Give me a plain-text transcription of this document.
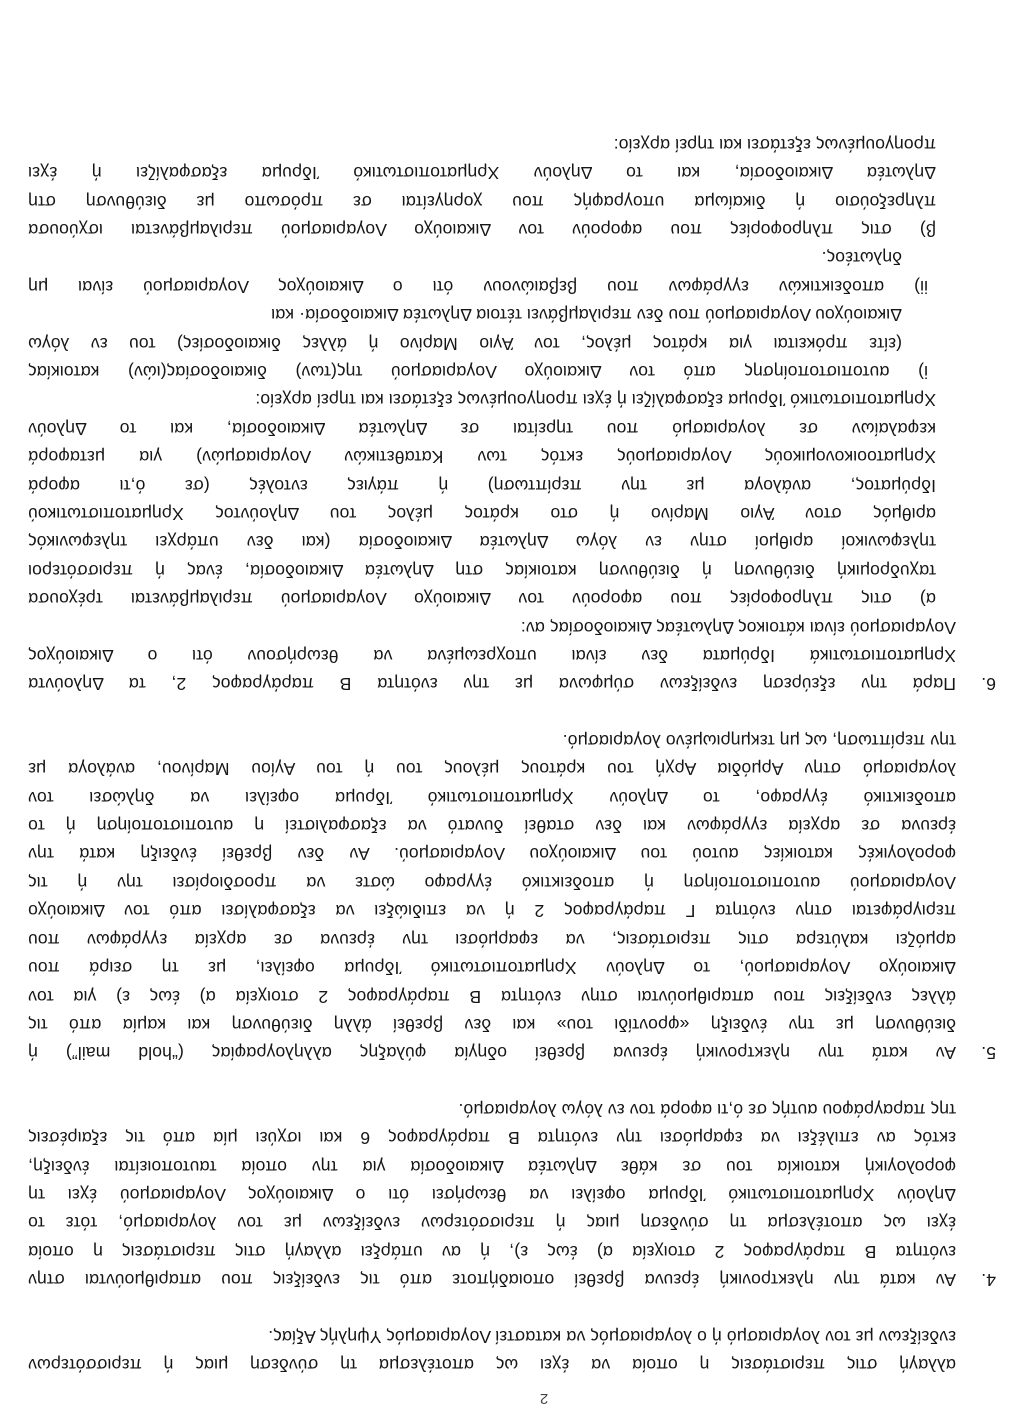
2
αλλαγή στις περιστάσεις η οποία να έχει ως αποτέλεσμα τη σύνδεση μιας ή περισσότερων
ενδείξεων με τον λογαριασμό ή ο λογαριασμός να καταστεί Λογαριασμός Υψηλής Αξίας.
4.Αν κατά την ηλεκτρονική έρευνα βρεθεί οποιαδήποτε από τις ενδείξεις που απαριθμούνται στην
ενότητα Β παράγραφος 2 στοιχεία α) έως ε), ή αν υπάρξει αλλαγή στις περιστάσεις η οποία
έχει ως αποτέλεσμα τη σύνδεση μιας ή περισσότερων ενδείξεων με τον λογαριασμό, τότε το
Δηλούν Χρηματοπιστωτικό Ίδρυμα οφείλει να θεωρήσει ότι ο Δικαιούχος Λογαριασμού έχει τη
φορολογική κατοικία του σε κάθε Δηλωτέα Δικαιοδοσία για την οποία ταυτοποιείται ένδειξη,
εκτός αν επιλέξει να εφαρμόσει την ενότητα Β παράγραφος 6 και ισχύει μία από τις εξαιρέσεις
της παραγράφου αυτής σε ό,τι αφορά τον εν λόγω λογαριασμό.
5.Αν κατά την ηλεκτρονική έρευνα βρεθεί οδηγία φύλαξης αλληλογραφίας (“hold mail”) ή
διεύθυνση με την ένδειξη «φροντίδι του» και δεν βρεθεί άλλη διεύθυνση και καμία από τις
άλλες ενδείξεις που απαριθμούνται στην ενότητα Β παράγραφος 2 στοιχεία α) έως ε) για τον
Δικαιούχο Λογαριασμού, το Δηλούν Χρηματοπιστωτικό Ίδρυμα οφείλει, με τη σειρά που
αρμόζει καλύτερα στις περιστάσεις, να εφαρμόσει την έρευνα σε αρχεία εγγράφων που
περιγράφεται στην ενότητα Γ παράγραφος 2 ή να επιδιώξει να εξασφαλίσει από τον Δικαιούχο
Λογαριασμού αυτοπιστοποίηση ή αποδεικτικό έγγραφο ώστε να προσδιορίσει την ή τις
φορολογικές κατοικίες αυτού του Δικαιούχου Λογαριασμού. Αν δεν βρεθεί ένδειξη κατά την
έρευνα σε αρχεία εγγράφων και δεν σταθεί δυνατό να εξασφαλιστεί η αυτοπιστοποίηση ή το
αποδεικτικό έγγραφο, το Δηλούν Χρηματοπιστωτικό Ίδρυμα οφείλει να δηλώσει τον
λογαριασμό στην Αρμόδια Αρχή του κράτους μέλους του ή του Αγίου Μαρίνου, ανάλογα με
την περίπτωση, ως μη τεκμηριωμένο λογαριασμό.
6.Παρά την εξεύρεση ενδείξεων σύμφωνα με την ενότητα Β παράγραφος 2, τα Δηλούντα
Χρηματοπιστωτικά Ιδρύματα δεν είναι υποχρεωμένα να θεωρήσουν ότι ο Δικαιούχος
Λογαριασμού είναι κάτοικος Δηλωτέας Δικαιοδοσίας αν:
α) στις πληροφορίες που αφορούν τον Δικαιούχο Λογαριασμού περιλαμβάνεται τρέχουσα
ταχυδρομική διεύθυνση ή διεύθυνση κατοικίας στη Δηλωτέα Δικαιοδοσία, ένας ή περισσότεροι
τηλεφωνικοί αριθμοί στην εν λόγω Δηλωτέα Δικαιοδοσία (και δεν υπάρχει τηλεφωνικός
αριθμός στον Άγιο Μαρίνο ή στο κράτος μέλος του Δηλούντος Χρηματοπιστωτικού
Ιδρύματος, ανάλογα με την περίπτωση) ή πάγιες εντολές (σε ό,τι αφορά
Χρηματοοικονομικούς Λογαριασμούς εκτός των Καταθετικών Λογαριασμών) για μεταφορά
κεφαλαίων σε λογαριασμό που τηρείται σε Δηλωτέα Δικαιοδοσία, και το Δηλούν
Χρηματοπιστωτικό Ίδρυμα εξασφαλίζει ή έχει προηγουμένως εξετάσει και τηρεί αρχείο:
i) αυτοπιστοποίησης από τον Δικαιούχο Λογαριασμού της(των) δικαιοδοσίας(ιών) κατοικίας
(είτε πρόκειται για κράτος μέλος, τον Άγιο Μαρίνο ή άλλες δικαιοδοσίες) του εν λόγω
Δικαιούχου Λογαριασμού που δεν περιλαμβάνει τέτοια Δηλωτέα Δικαιοδοσία· και
ii) αποδεικτικών εγγράφων που βεβαιώνουν ότι ο Δικαιούχος Λογαριασμού είναι μη
δηλωτέος.
β) στις πληροφορίες που αφορούν τον Δικαιούχο Λογαριασμού περιλαμβάνεται ισχύουσα
πληρεξούσιο ή δικαίωμα υπογραφής που χορηγείται σε πρόσωπο με διεύθυνση στη
Δηλωτέα Δικαιοδοσία, και το Δηλούν Χρηματοπιστωτικό Ίδρυμα εξασφαλίζει ή έχει
προηγουμένως εξετάσει και τηρεί αρχείο:
